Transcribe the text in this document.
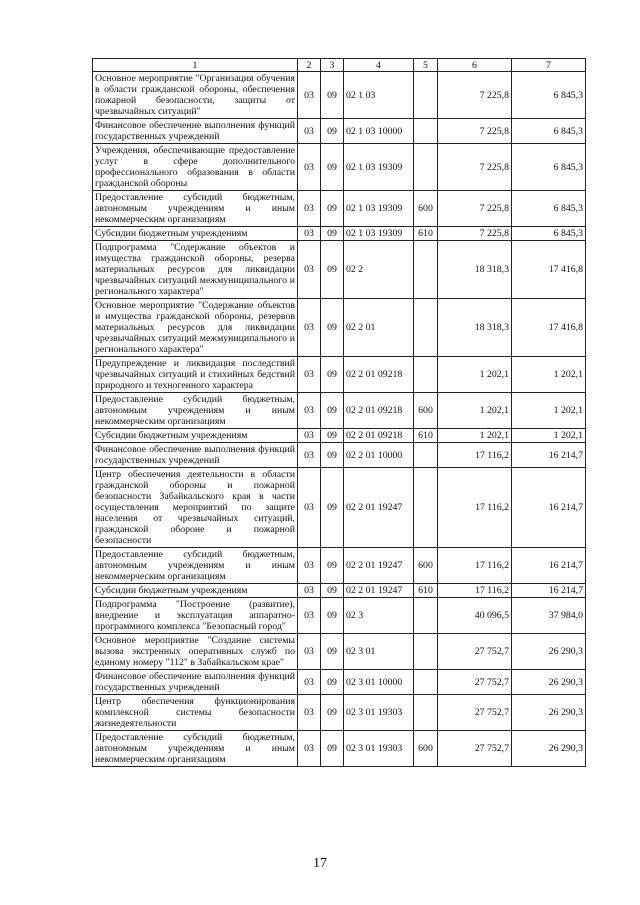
1	2	3	4	5	6	7
Основное мероприятие "Организация обучения в области гражданской обороны, обеспечения пожарной безопасности, защиты от чрезвычайных ситуаций"	03	09	02 1 03		7 225,8	6 845,3
Финансовое обеспечение выполнения функций государственных учреждений	03	09	02 1 03 10000		7 225,8	6 845,3
Учреждения, обеспечивающие предоставление услуг в сфере дополнительного профессионального образования в области гражданской обороны	03	09	02 1 03 19309		7 225,8	6 845,3
Предоставление субсидий бюджетным, автономным учреждениям и иным некоммерческим организациям	03	09	02 1 03 19309	600	7 225,8	6 845,3
Субсидии бюджетным учреждениям	03	09	02 1 03 19309	610	7 225,8	6 845,3
Подпрограмма "Содержание объектов и имущества гражданской обороны, резерва материальных ресурсов для ликвидации чрезвычайных ситуаций межмуниципального и регионального характера"	03	09	02 2		18 318,3	17 416,8
Основное мероприятие "Содержание объектов и имущества гражданской обороны, резервов материальных ресурсов для ликвидации чрезвычайных ситуаций межмуниципального и регионального характера"	03	09	02 2 01		18 318,3	17 416,8
Предупреждение и ликвидация последствий чрезвычайных ситуаций и стихийных бедствий природного и техногенного характера	03	09	02 2 01 09218		1 202,1	1 202,1
Предоставление субсидий бюджетным, автономным учреждениям и иным некоммерческим организациям	03	09	02 2 01 09218	600	1 202,1	1 202,1
Субсидии бюджетным учреждениям	03	09	02 2 01 09218	610	1 202,1	1 202,1
Финансовое обеспечение выполнения функций государственных учреждений	03	09	02 2 01 10000		17 116,2	16 214,7
Центр обеспечения деятельности в области гражданской обороны и пожарной безопасности Забайкальского края в части осуществления мероприятий по защите населения от чрезвычайных ситуаций, гражданской обороне и пожарной безопасности	03	09	02 2 01 19247		17 116,2	16 214,7
Предоставление субсидий бюджетным, автономным учреждениям и иным некоммерческим организациям	03	09	02 2 01 19247	600	17 116,2	16 214,7
Субсидии бюджетным учреждениям	03	09	02 2 01 19247	610	17 116,2	16 214,7
Подпрограмма "Построение (развитие), внедрение и эксплуатация аппаратно-программного комплекса "Безопасный город"	03	09	02 3		40 096,5	37 984,0
Основное мероприятие "Создание системы вызова экстренных оперативных служб по единому номеру "112" в Забайкальском крае"	03	09	02 3 01		27 752,7	26 290,3
Финансовое обеспечение выполнения функций государственных учреждений	03	09	02 3 01 10000		27 752,7	26 290,3
Центр обеспечения функционирования комплексной системы безопасности жизнедеятельности	03	09	02 3 01 19303		27 752,7	26 290,3
Предоставление субсидий бюджетным, автономным учреждениям и иным некоммерческим организациям	03	09	02 3 01 19303	600	27 752,7	26 290,3
17
